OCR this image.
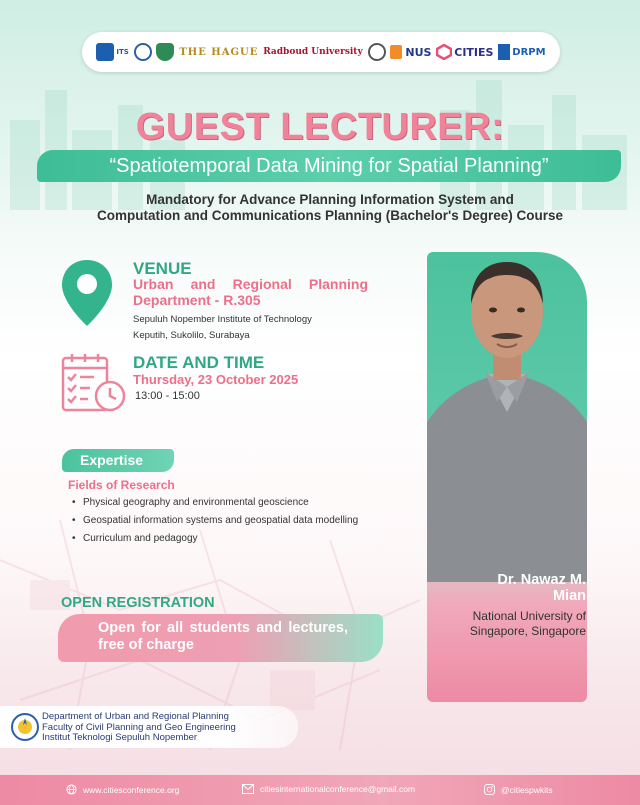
ITS	THE HAGUE Radboud University	NUS CITIES DRPM
GUEST LECTURER:
“Spatiotemporal Data Mining for Spatial Planning”
Mandatory for Advance Planning Information System and
Computation and Communications Planning (Bachelor's Degree) Course
VENUE
Urban and Regional Planning Department - R.305
Sepuluh Nopember Institute of Technology
Keputih, Sukolilo, Surabaya
DATE AND TIME
Thursday, 23 October 2025
13:00 - 15:00
Expertise
Fields of Research
• Physical geography and environmental geoscience
• Geospatial information systems and geospatial data modelling
• Curriculum and pedagogy
OPEN REGISTRATION
Open for all students and lectures, free of charge
Dr. Nawaz M.
Mian
National University of
Singapore, Singapore
Department of Urban and Regional Planning
Faculty of Civil Planning and Geo Engineering
Institut Teknologi Sepuluh Nopember
www.citiesconference.org	citiesinternationalconference@gmail.com	@citiespwkits
